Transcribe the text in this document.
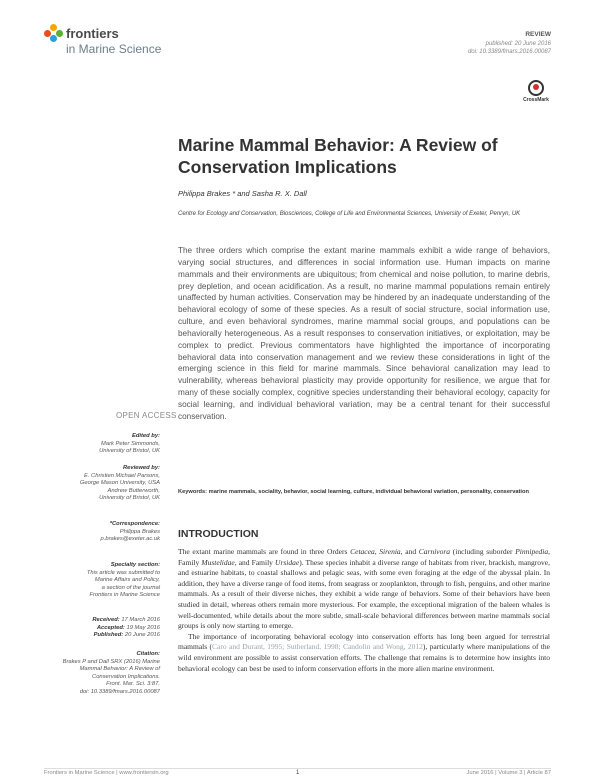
frontiers
in Marine Science
REVIEW
published: 20 June 2016
doi: 10.3389/fmars.2016.00087
CrossMark
Marine Mammal Behavior: A Review of Conservation Implications
Philippa Brakes * and Sasha R. X. Dall
Centre for Ecology and Conservation, Biosciences, College of Life and Environmental Sciences, University of Exeter, Penryn, UK

The three orders which comprise the extant marine mammals exhibit a wide range of behaviors, varying social structures, and differences in social information use. Human impacts on marine mammals and their environments are ubiquitous; from chemical and noise pollution, to marine debris, prey depletion, and ocean acidification. As a result, no marine mammal populations remain entirely unaffected by human activities. Conservation may be hindered by an inadequate understanding of the behavioral ecology of some of these species. As a result of social structure, social information use, culture, and even behavioral syndromes, marine mammal social groups, and populations can be behaviorally heterogeneous. As a result responses to conservation initiatives, or exploitation, may be complex to predict. Previous commentators have highlighted the importance of incorporating behavioral data into conservation management and we review these considerations in light of the emerging science in this field for marine mammals. Since behavioral canalization may lead to vulnerability, whereas behavioral plasticity may provide opportunity for resilience, we argue that for many of these socially complex, cognitive species understanding their behavioral ecology, capacity for social learning, and individual behavioral variation, may be a central tenant for their successful conservation.

Keywords: marine mammals, sociality, behavior, social learning, culture, individual behavioral variation, personality, conservation
INTRODUCTION

The extant marine mammals are found in three Orders Cetacea, Sirenia, and Carnivora (including suborder Pinnipedia, Family Mustelidae, and Family Ursidae). These species inhabit a diverse range of habitats from river, brackish, mangrove, and estuarine habitats, to coastal shallows and pelagic seas, with some even foraging at the edge of the abyssal plain. In addition, they have a diverse range of food items, from seagrass or zooplankton, through to fish, penguins, and other marine mammals. As a result of their diverse niches, they exhibit a wide range of behaviors. Some of their behaviors have been studied in detail, whereas others remain more mysterious. For example, the exceptional migration of the baleen whales is well-documented, while details about the more subtle, small-scale behavioral differences between marine mammals social groups is only now starting to emerge.

The importance of incorporating behavioral ecology into conservation efforts has long been argued for terrestrial mammals (Caro and Durant, 1995; Sutherland, 1998; Candolin and Wong, 2012), particularly where manipulations of the wild environment are possible to assist conservation efforts. The challenge that remains is to determine how insights into behavioral ecology can best be used to inform conservation efforts in the more alien marine environment.

OPEN ACCESS
Edited by:
Mark Peter Simmonds,
University of Bristol, UK
Reviewed by:
E. Christien Michael Parsons,
George Mason University, USA
Andrew Butterworth,
University of Bristol, UK
*Correspondence:
Philippa Brakes
p.brakes@exeter.ac.uk
Specialty section:
This article was submitted to
Marine Affairs and Policy,
a section of the journal
Frontiers in Marine Science
Received: 17 March 2016
Accepted: 19 May 2016
Published: 20 June 2016
Citation:
Brakes P and Dall SRX (2016) Marine
Mammal Behavior: A Review of
Conservation Implications.
Front. Mar. Sci. 3:87.
doi: 10.3389/fmars.2016.00087
Frontiers in Marine Science | www.frontiersin.org	1	June 2016 | Volume 3 | Article 87
